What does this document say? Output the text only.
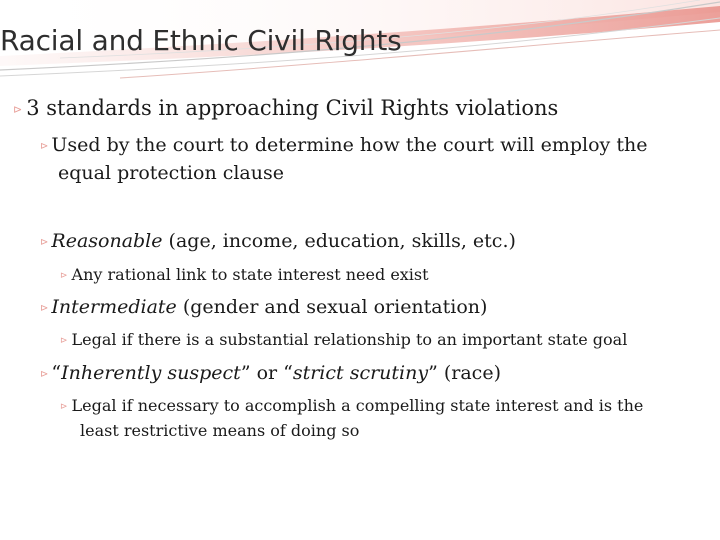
Racial and Ethnic Civil Rights
⊳ 3 standards in approaching Civil Rights violations
⊳ Used by the court to determine how the court will employ the
equal protection clause
⊳ Reasonable (age, income, education, skills, etc.)
⊳ Any rational link to state interest need exist
⊳ Intermediate (gender and sexual orientation)
⊳ Legal if there is a substantial relationship to an important state goal
⊳ “Inherently suspect” or “strict scrutiny” (race)
⊳ Legal if necessary to accomplish a compelling state interest and is the
least restrictive means of doing so
